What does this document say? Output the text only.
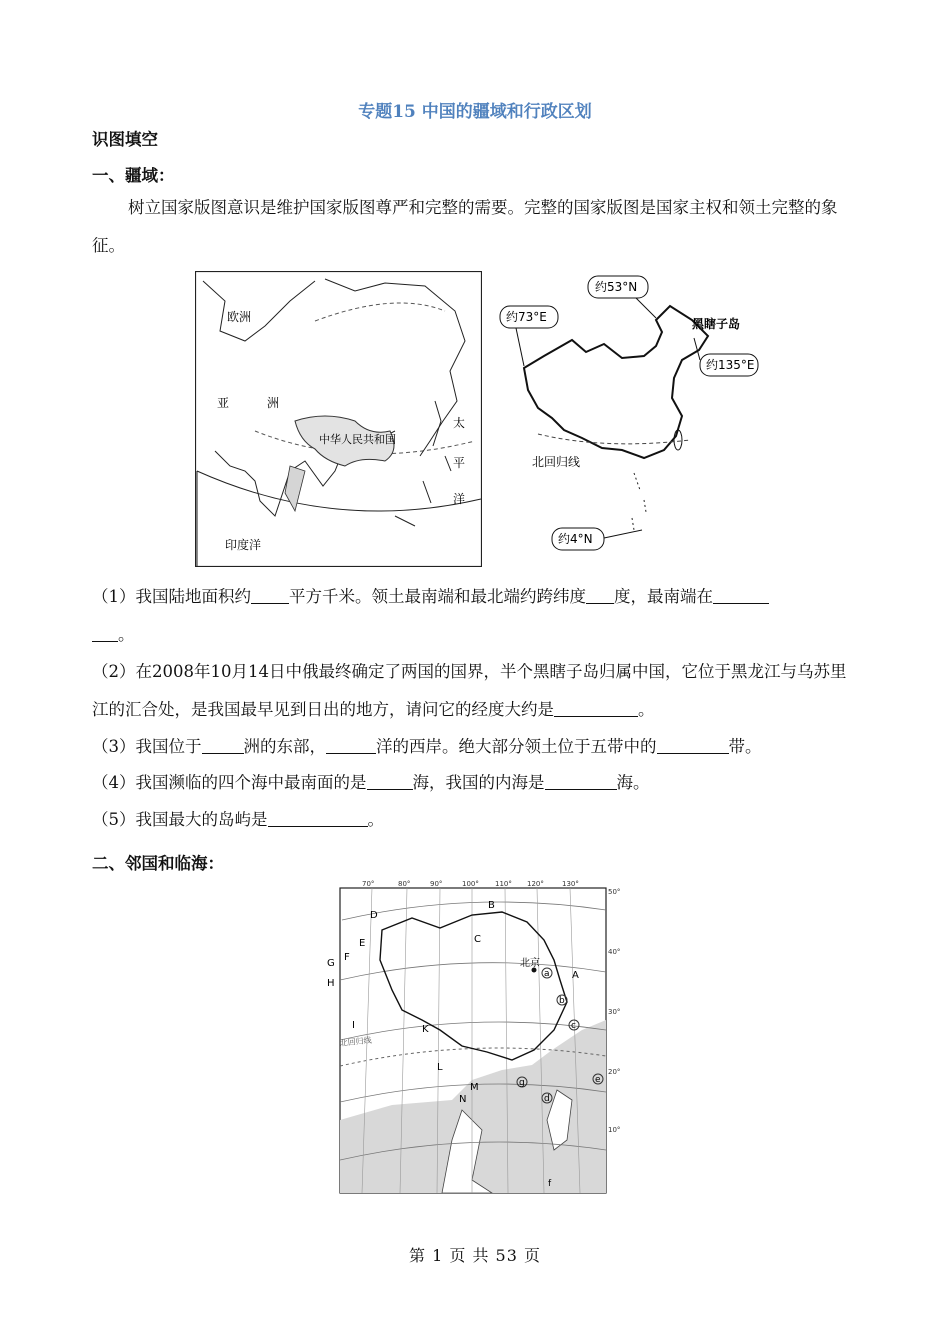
专题15 中国的疆域和行政区划
识图填空
一、疆域：
树立国家版图意识是维护国家版图尊严和完整的需要。完整的国家版图是国家主权和领土完整的象征。
欧洲
亚	洲
中华人民共和国
太
平
洋
印度洋
约53°N
约73°E	黑瞎子岛
约135°E
北回归线
约4°N
（1）我国陆地面积约 平方千米。领土最南端和最北端约跨纬度 度，最南端在
。
（2）在2008年10月14日中俄最终确定了两国的国界，半个黑瞎子岛归属中国，它位于黑龙江与乌苏里江的汇合处，是我国最早见到日出的地方，请问它的经度大约是	。
（3）我国位于	洲的东部，	洋的西岸。绝大部分领土位于五带中的	带。
（4）我国濒临的四个海中最南面的是	海，我国的内海是	海。
（5）我国最大的岛屿是	。
二、邻国和临海：
70°	80°	90°	100° 110° 120°	130°
50°
40°
30°
20°
10°
北京
北回归线
A
B
C
D
E
F
G
H
I	K
L
M
N
a
b
c
d
e
f
g
第 1 页 共 53 页
